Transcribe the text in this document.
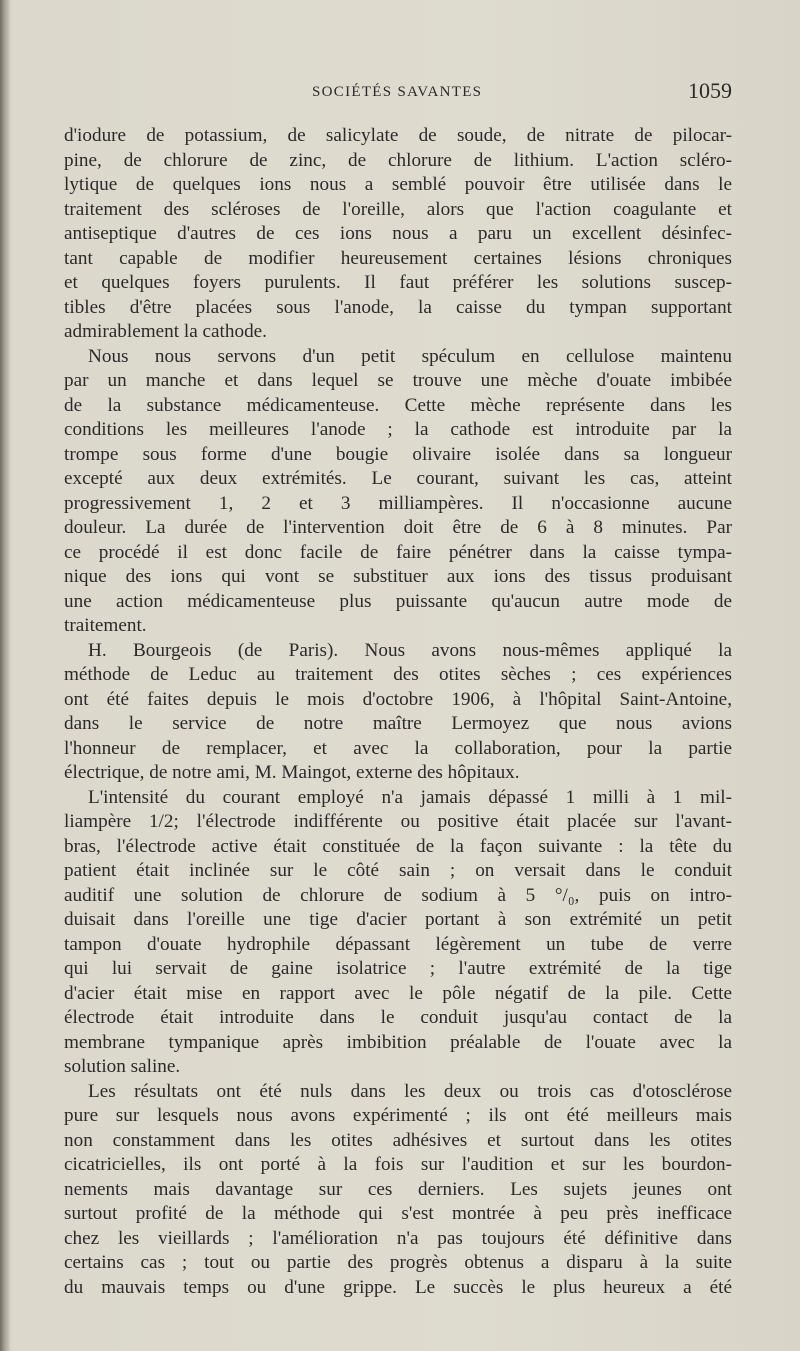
SOCIÉTÉS SAVANTES	1059
d'iodure de potassium, de salicylate de soude, de nitrate de pilocar-
pine, de chlorure de zinc, de chlorure de lithium. L'action scléro-
lytique de quelques ions nous a semblé pouvoir être utilisée dans le
traitement des scléroses de l'oreille, alors que l'action coagulante et
antiseptique d'autres de ces ions nous a paru un excellent désinfec-
tant capable de modifier heureusement certaines lésions chroniques
et quelques foyers purulents. Il faut préférer les solutions suscep-
tibles d'être placées sous l'anode, la caisse du tympan supportant
admirablement la cathode.
Nous nous servons d'un petit spéculum en cellulose maintenu
par un manche et dans lequel se trouve une mèche d'ouate imbibée
de la substance médicamenteuse. Cette mèche représente dans les
conditions les meilleures l'anode ; la cathode est introduite par la
trompe sous forme d'une bougie olivaire isolée dans sa longueur
excepté aux deux extrémités. Le courant, suivant les cas, atteint
progressivement 1, 2 et 3 milliampères. Il n'occasionne aucune
douleur. La durée de l'intervention doit être de 6 à 8 minutes. Par
ce procédé il est donc facile de faire pénétrer dans la caisse tympa-
nique des ions qui vont se substituer aux ions des tissus produisant
une action médicamenteuse plus puissante qu'aucun autre mode de
traitement.
H. Bourgeois (de Paris). Nous avons nous-mêmes appliqué la
méthode de Leduc au traitement des otites sèches ; ces expériences
ont été faites depuis le mois d'octobre 1906, à l'hôpital Saint-Antoine,
dans le service de notre maître Lermoyez que nous avions
l'honneur de remplacer, et avec la collaboration, pour la partie
électrique, de notre ami, M. Maingot, externe des hôpitaux.
L'intensité du courant employé n'a jamais dépassé 1 milli à 1 mil-
liampère 1/2; l'électrode indifférente ou positive était placée sur l'avant-
bras, l'électrode active était constituée de la façon suivante : la tête du
patient était inclinée sur le côté sain ; on versait dans le conduit
auditif une solution de chlorure de sodium à 5 °/₀, puis on intro-
duisait dans l'oreille une tige d'acier portant à son extrémité un petit
tampon d'ouate hydrophile dépassant légèrement un tube de verre
qui lui servait de gaine isolatrice ; l'autre extrémité de la tige
d'acier était mise en rapport avec le pôle négatif de la pile. Cette
électrode était introduite dans le conduit jusqu'au contact de la
membrane tympanique après imbibition préalable de l'ouate avec la
solution saline.
Les résultats ont été nuls dans les deux ou trois cas d'otosclérose
pure sur lesquels nous avons expérimenté ; ils ont été meilleurs mais
non constamment dans les otites adhésives et surtout dans les otites
cicatricielles, ils ont porté à la fois sur l'audition et sur les bourdon-
nements mais davantage sur ces derniers. Les sujets jeunes ont
surtout profité de la méthode qui s'est montrée à peu près inefficace
chez les vieillards ; l'amélioration n'a pas toujours été définitive dans
certains cas ; tout ou partie des progrès obtenus a disparu à la suite
du mauvais temps ou d'une grippe. Le succès le plus heureux a été
